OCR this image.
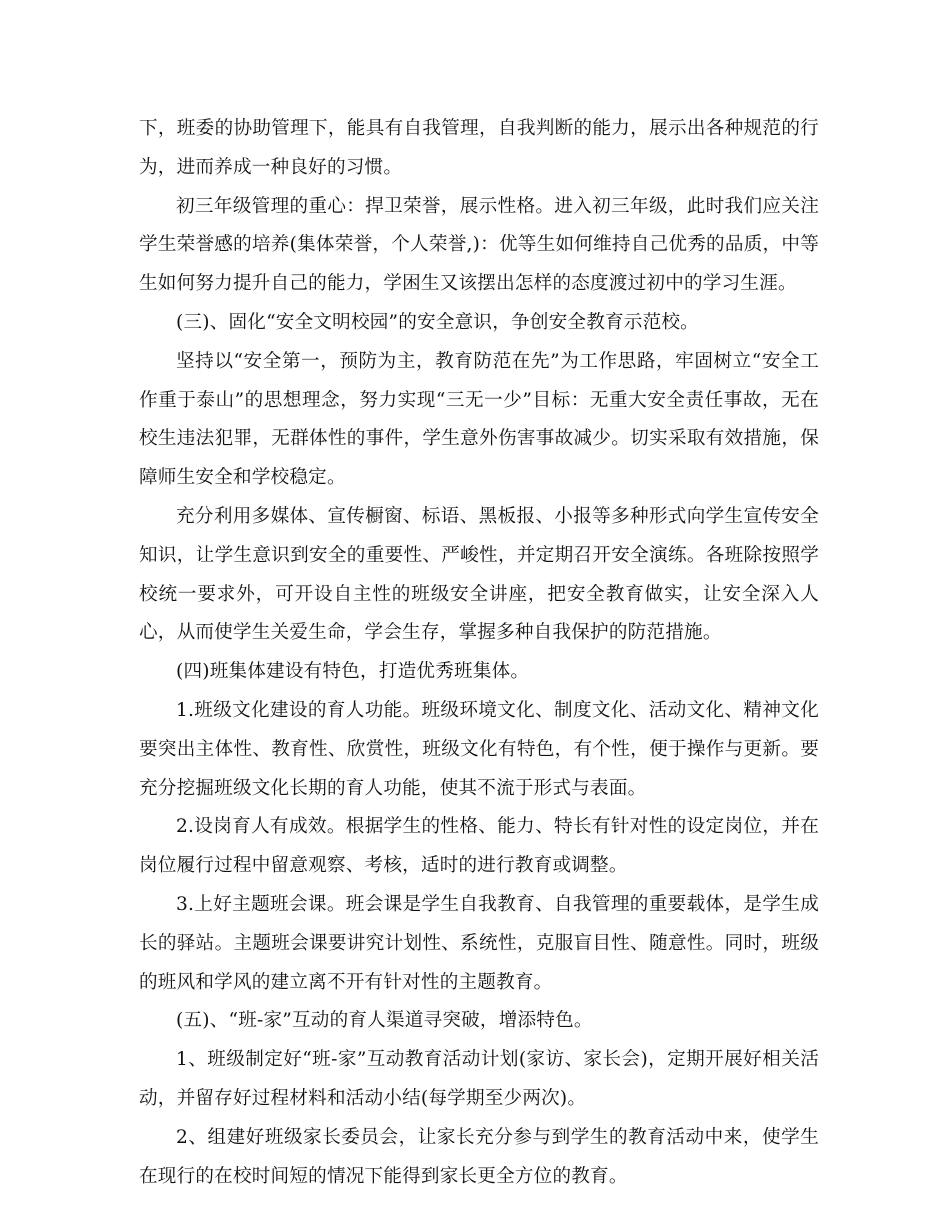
下，班委的协助管理下，能具有自我管理，自我判断的能力，展示出各种规范的行为，进而养成一种良好的习惯。

初三年级管理的重心：捍卫荣誉，展示性格。进入初三年级，此时我们应关注学生荣誉感的培养(集体荣誉，个人荣誉,)：优等生如何维持自己优秀的品质，中等生如何努力提升自己的能力，学困生又该摆出怎样的态度渡过初中的学习生涯。

(三)、固化“安全文明校园”的安全意识，争创安全教育示范校。

坚持以“安全第一，预防为主，教育防范在先”为工作思路，牢固树立“安全工作重于泰山”的思想理念，努力实现“三无一少”目标：无重大安全责任事故，无在校生违法犯罪，无群体性的事件，学生意外伤害事故减少。切实采取有效措施，保障师生安全和学校稳定。

充分利用多媒体、宣传橱窗、标语、黑板报、小报等多种形式向学生宣传安全知识，让学生意识到安全的重要性、严峻性，并定期召开安全演练。各班除按照学校统一要求外，可开设自主性的班级安全讲座，把安全教育做实，让安全深入人心，从而使学生关爱生命，学会生存，掌握多种自我保护的防范措施。

(四)班集体建设有特色，打造优秀班集体。

1.班级文化建设的育人功能。班级环境文化、制度文化、活动文化、精神文化要突出主体性、教育性、欣赏性，班级文化有特色，有个性，便于操作与更新。要充分挖掘班级文化长期的育人功能，使其不流于形式与表面。

2.设岗育人有成效。根据学生的性格、能力、特长有针对性的设定岗位，并在岗位履行过程中留意观察、考核，适时的进行教育或调整。

3.上好主题班会课。班会课是学生自我教育、自我管理的重要载体，是学生成长的驿站。主题班会课要讲究计划性、系统性，克服盲目性、随意性。同时，班级的班风和学风的建立离不开有针对性的主题教育。

(五)、“班-家”互动的育人渠道寻突破，增添特色。

1、班级制定好“班-家”互动教育活动计划(家访、家长会)，定期开展好相关活动，并留存好过程材料和活动小结(每学期至少两次)。

2、组建好班级家长委员会，让家长充分参与到学生的教育活动中来，使学生在现行的在校时间短的情况下能得到家长更全方位的教育。
